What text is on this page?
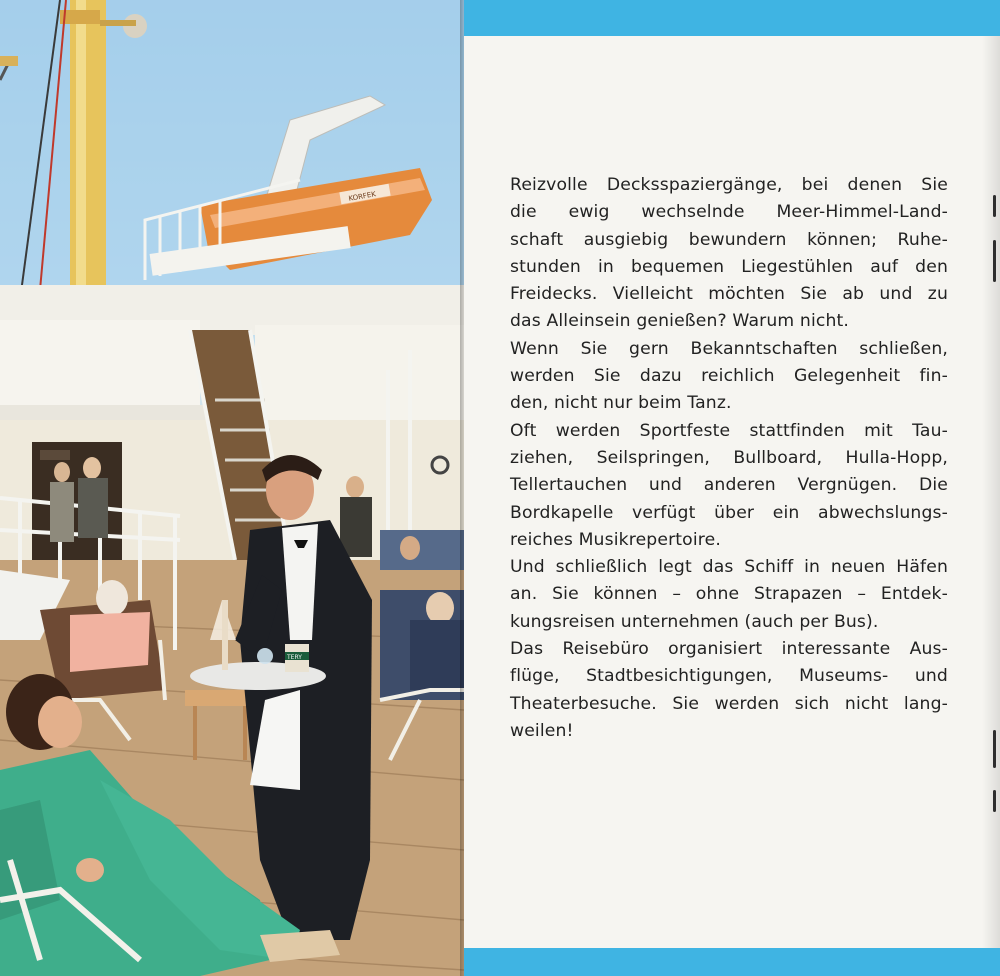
KORFEK
TERY
Reizvolle Decksspaziergänge, bei denen Sie
die ewig wechselnde Meer-Himmel-Land-
schaft ausgiebig bewundern können; Ruhe-
stunden in bequemen Liegestühlen auf den
Freidecks. Vielleicht möchten Sie ab und zu
das Alleinsein genießen? Warum nicht.
Wenn Sie gern Bekanntschaften schließen,
werden Sie dazu reichlich Gelegenheit fin-
den, nicht nur beim Tanz.
Oft werden Sportfeste stattfinden mit Tau-
ziehen, Seilspringen, Bullboard, Hulla-Hopp,
Tellertauchen und anderen Vergnügen. Die
Bordkapelle verfügt über ein abwechslungs-
reiches Musikrepertoire.
Und schließlich legt das Schiff in neuen Häfen
an. Sie können – ohne Strapazen – Entdek-
kungsreisen unternehmen (auch per Bus).
Das Reisebüro organisiert interessante Aus-
flüge, Stadtbesichtigungen, Museums- und
Theaterbesuche. Sie werden sich nicht lang-
weilen!
